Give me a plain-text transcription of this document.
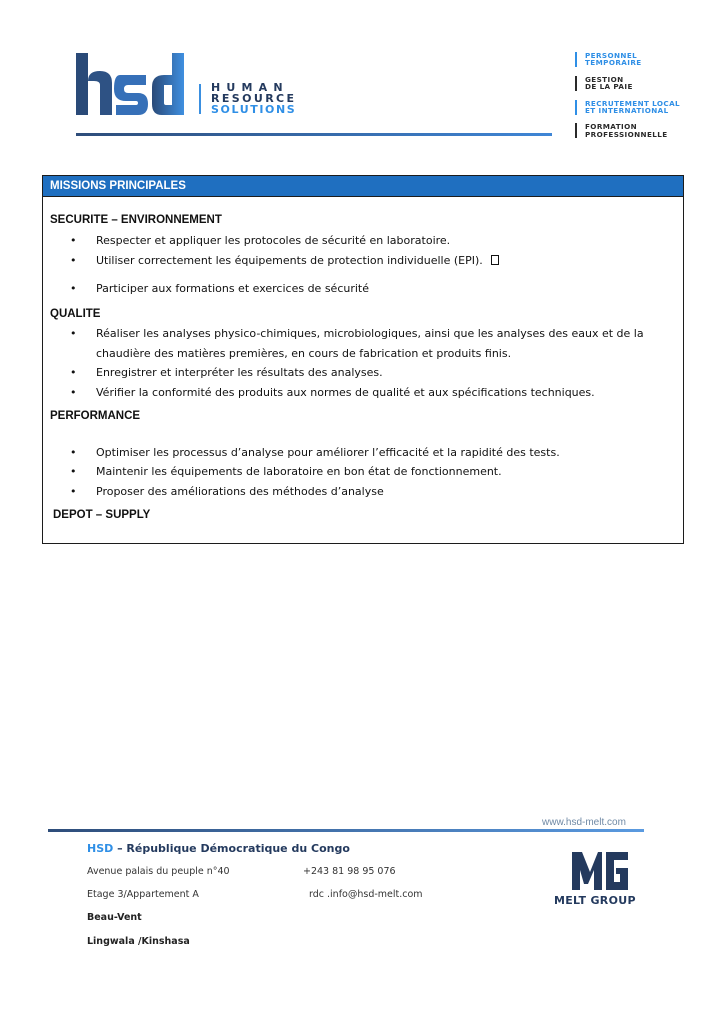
HUMAN
RESOURCE
SOLUTIONS
PERSONNEL
TEMPORAIRE
GESTION
DE LA PAIE
RECRUTEMENT LOCAL
ET INTERNATIONAL
FORMATION
PROFESSIONNELLE
MISSIONS PRINCIPALES
SECURITE – ENVIRONNEMENT
• Respecter et appliquer les protocoles de sécurité en laboratoire.
• Utiliser correctement les équipements de protection individuelle (EPI).
• Participer aux formations et exercices de sécurité
QUALITE
• Réaliser les analyses physico-chimiques, microbiologiques, ainsi que les analyses des eaux et de la chaudière des matières premières, en cours de fabrication et produits finis.
• Enregistrer et interpréter les résultats des analyses.
• Vérifier la conformité des produits aux normes de qualité et aux spécifications techniques.
PERFORMANCE
• Optimiser les processus d’analyse pour améliorer l’efficacité et la rapidité des tests.
• Maintenir les équipements de laboratoire en bon état de fonctionnement.
• Proposer des améliorations des méthodes d’analyse
DEPOT – SUPPLY
www.hsd-melt.com
HSD – République Démocratique du Congo
Avenue palais du peuple n°40	+243 81 98 95 076
Etage 3/Appartement A	rdc .info@hsd-melt.com
Beau-Vent
Lingwala /Kinshasa
MELT GROUP
